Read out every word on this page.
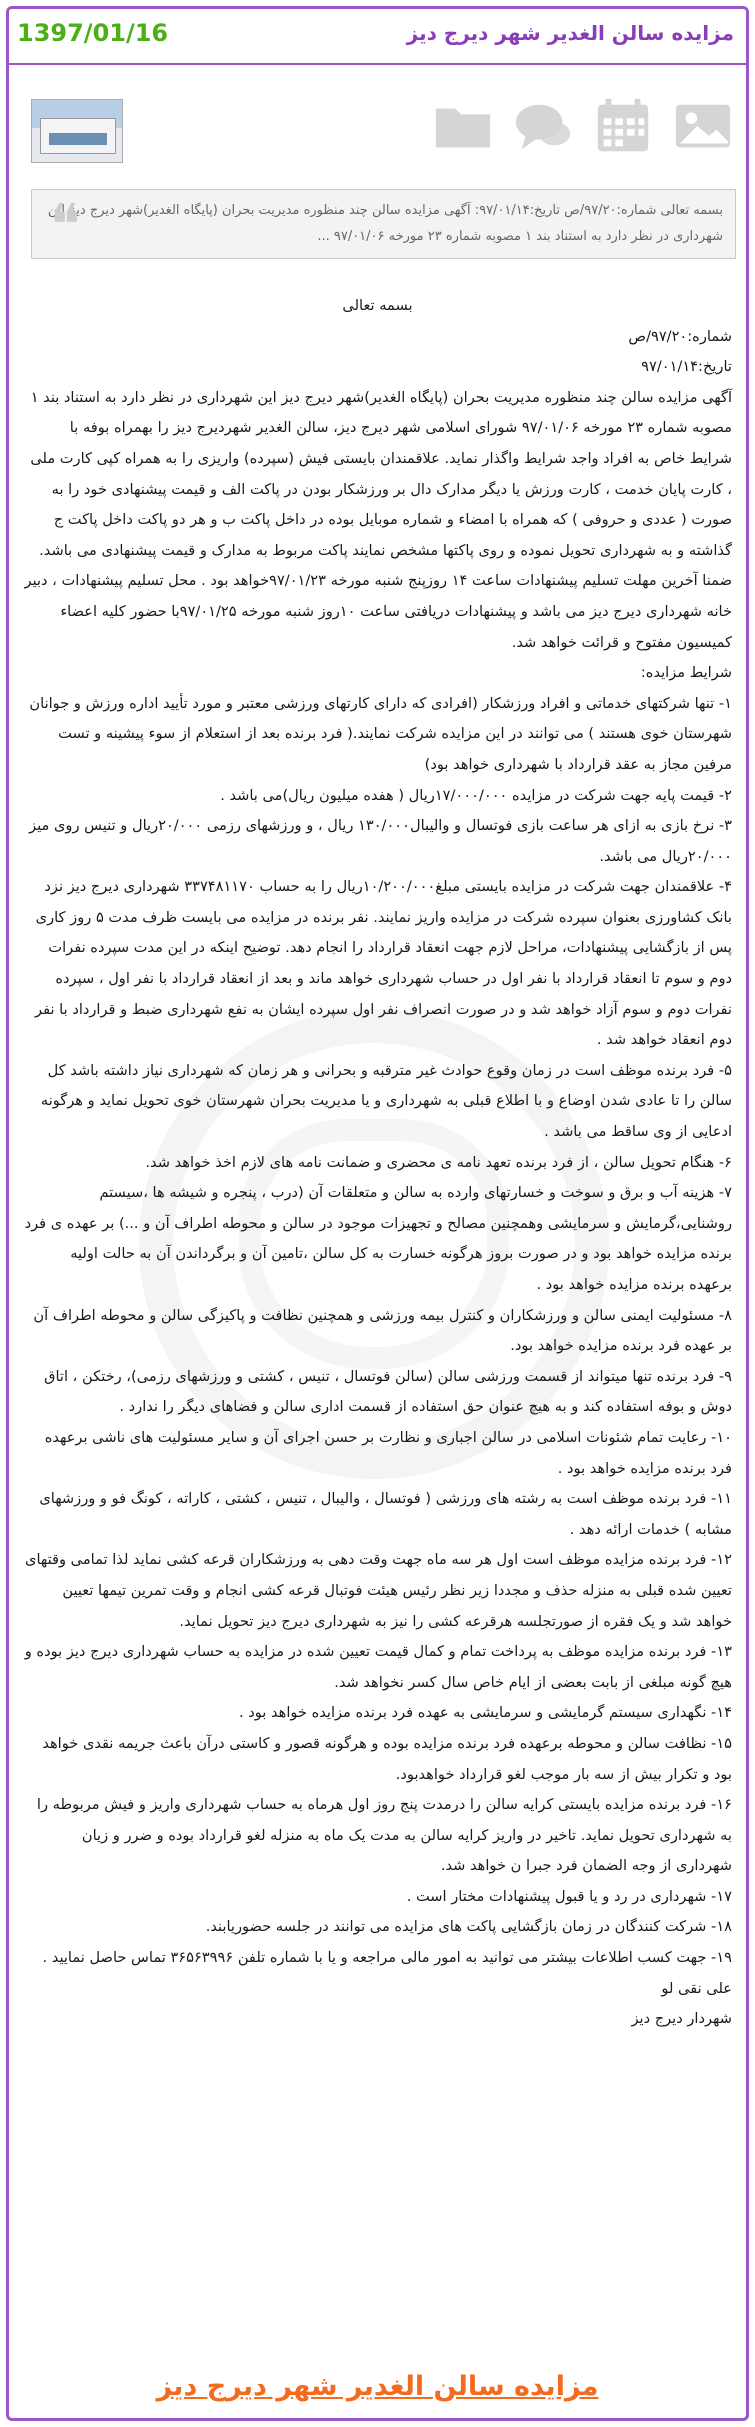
1397/01/16	مزایده سالن الغدیر شهر دیرج دیز
بسمه تعالی شماره:۹۷/۲۰/ص تاریخ:۹۷/۰۱/۱۴: آگهی مزایده سالن چند منظوره مدیریت بحران (پایگاه الغدیر)شهر دیرج دیز این شهرداری در نظر دارد به استناد بند ۱ مصوبه شماره ۲۳ مورخه ۹۷/۰۱/۰۶ ...
❝

بسمه تعالی

شماره:۹۷/۲۰/ص

تاریخ:۹۷/۰۱/۱۴

آگهی مزایده سالن چند منظوره مدیریت بحران (پایگاه الغدیر)شهر دیرج دیز این شهرداری در نظر دارد به استناد بند ۱ مصوبه شماره ۲۳ مورخه ۹۷/۰۱/۰۶ شورای اسلامی شهر دیرج دیز، سالن الغدیر شهردیرج دیز را بهمراه بوفه با شرایط خاص به افراد واجد شرایط واگذار نماید. علاقمندان بایستی فیش (سپرده) واریزی را به همراه کپی کارت ملی ، کارت پایان خدمت ، کارت ورزش یا دیگر مدارک دال بر ورزشکار بودن در پاکت الف و قیمت پیشنهادی خود را به صورت ( عددی و حروفی ) که همراه با امضاء و شماره موبایل بوده در داخل پاکت ب و هر دو پاکت داخل پاکت ج گذاشته و به شهرداری تحویل نموده و روی پاکتها مشخص نمایند پاکت مربوط به مدارک و قیمت پیشنهادی می باشد. ضمنا آخرین مهلت تسلیم پیشنهادات ساعت ۱۴ روزپنج شنبه مورخه ۹۷/۰۱/۲۳خواهد بود . محل تسلیم پیشنهادات ، دبیر خانه شهرداری دیرج دیز می باشد و پیشنهادات دریافتی ساعت ۱۰روز شنبه مورخه ۹۷/۰۱/۲۵با حضور کلیه اعضاء کمیسیون مفتوح و قرائت خواهد شد.

شرایط مزایده:

۱- تنها شرکتهای خدماتی و افراد ورزشکار (افرادی که دارای کارتهای ورزشی معتبر و مورد تأیید اداره ورزش و جوانان شهرستان خوی هستند ) می توانند در این مزایده شرکت نمایند.( فرد برنده بعد از استعلام از سوء پیشینه و تست مرفین مجاز به عقد قرارداد با شهرداری خواهد بود)

۲- قیمت پایه جهت شرکت در مزایده ۱۷/۰۰۰/۰۰۰ریال ( هفده میلیون ریال)می باشد .

۳- نرخ بازی به ازای هر ساعت بازی فوتسال و والیبال۱۳۰/۰۰۰ ریال ، و ورزشهای رزمی ۲۰/۰۰۰ریال و تنیس روی میز ۲۰/۰۰۰ریال می باشد.

۴- علاقمندان جهت شرکت در مزایده بایستی مبلغ۱۰/۲۰۰/۰۰۰ریال را به حساب ۳۳۷۴۸۱۱۷۰ شهرداری دیرج دیز نزد بانک کشاورزی بعنوان سپرده شرکت در مزایده واریز نمایند. نفر برنده در مزایده می بایست ظرف مدت ۵ روز کاری پس از بازگشایی پیشنهادات، مراحل لازم جهت انعقاد قرارداد را انجام دهد. توضیح اینکه در این مدت سپرده نفرات دوم و سوم تا انعقاد قرارداد با نفر اول در حساب شهرداری خواهد ماند و بعد از انعقاد قرارداد با نفر اول ، سپرده نفرات دوم و سوم آزاد خواهد شد و در صورت انصراف نفر اول سپرده ایشان به نفع شهرداری ضبط و قرارداد با نفر دوم انعقاد خواهد شد .

۵- فرد برنده موظف است در زمان وقوع حوادث غیر مترقبه و بحرانی و هر زمان که شهرداری نیاز داشته باشد کل سالن را تا عادی شدن اوضاع و با اطلاع قبلی به شهرداری و یا مدیریت بحران شهرستان خوی تحویل نماید و هرگونه ادعایی از وی ساقط می باشد .

۶- هنگام تحویل سالن ، از فرد برنده تعهد نامه ی محضری و ضمانت نامه های لازم اخذ خواهد شد.

۷- هزینه آب و برق و سوخت و خسارتهای وارده به سالن و متعلقات آن (درب ، پنجره و شیشه ها ،سیستم روشنایی،گرمایش و سرمایشی وهمچنین مصالح و تجهیزات موجود در سالن و محوطه اطراف آن و ...) بر عهده ی فرد برنده مزایده خواهد بود و در صورت بروز هرگونه خسارت به کل سالن ،تامین آن و برگرداندن آن به حالت اولیه برعهده برنده مزایده خواهد بود .

۸- مسئولیت ایمنی سالن و ورزشکاران و کنترل بیمه ورزشی و همچنین نظافت و پاکیزگی سالن و محوطه اطراف آن بر عهده فرد برنده مزایده خواهد بود.

۹- فرد برنده تنها میتواند از قسمت ورزشی سالن (سالن فوتسال ، تنیس ، کشتی و ورزشهای رزمی)، رختکن ، اتاق دوش و بوفه استفاده کند و به هیچ عنوان حق استفاده از قسمت اداری سالن و فضاهای دیگر را ندارد .

۱۰- رعایت تمام شئونات اسلامی در سالن اجباری و نظارت بر حسن اجرای آن و سایر مسئولیت های ناشی برعهده فرد برنده مزایده خواهد بود .

۱۱- فرد برنده موظف است به رشته های ورزشی ( فوتسال ، والیبال ، تنیس ، کشتی ، کاراته ، کونگ فو و ورزشهای مشابه ) خدمات ارائه دهد .

۱۲- فرد برنده مزایده موظف است اول هر سه ماه جهت وقت دهی به ورزشکاران قرعه کشی نماید لذا تمامی وقتهای تعیین شده قبلی به منزله حذف و مجددا زیر نظر رئیس هیئت فوتبال قرعه کشی انجام و وقت تمرین تیمها تعیین خواهد شد و یک فقره از صورتجلسه هرقرعه کشی را نیز به شهرداری دیرج دیز تحویل نماید.

۱۳- فرد برنده مزایده موظف به پرداخت تمام و کمال قیمت تعیین شده در مزایده به حساب شهرداری دیرج دیز بوده و هیچ گونه مبلغی از بابت بعضی از ایام خاص سال کسر نخواهد شد.

۱۴- نگهداری سیستم گرمایشی و سرمایشی به عهده فرد برنده مزایده خواهد بود .

۱۵- نظافت سالن و محوطه برعهده فرد برنده مزایده بوده و هرگونه قصور و کاستی درآن باعث جریمه نقدی خواهد بود و تکرار بیش از سه بار موجب لغو قرارداد خواهدبود.

۱۶- فرد برنده مزایده بایستی کرایه سالن را درمدت پنج روز اول هرماه به حساب شهرداری واریز و فیش مربوطه را به شهرداری تحویل نماید. تاخیر در واریز کرایه سالن به مدت یک ماه به منزله لغو قرارداد بوده و ضرر و زیان شهرداری از وجه الضمان فرد جبرا ن خواهد شد.

۱۷- شهرداری در رد و یا قبول پیشنهادات مختار است .

۱۸- شرکت کنندگان در زمان بازگشایی پاکت های مزایده می توانند در جلسه حضوریابند.

۱۹- جهت کسب اطلاعات بیشتر می توانید به امور مالی مراجعه و یا با شماره تلفن ۳۶۵۶۳۹۹۶ تماس حاصل نمایید .

علی نقی لو

شهردار دیرج دیز

مزایده سالن الغدیر شهر دیرج دیز
